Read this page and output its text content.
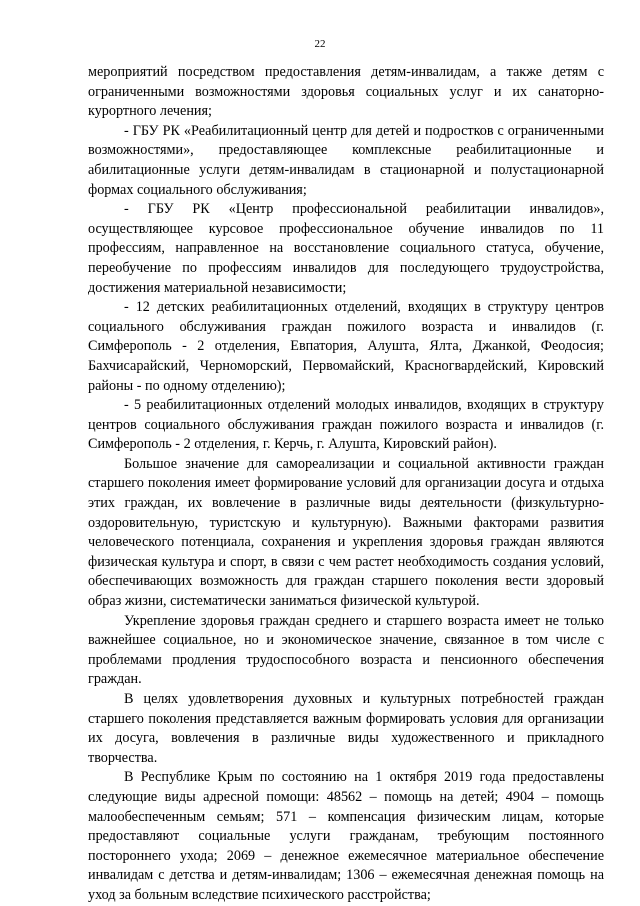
22

мероприятий посредством предоставления детям-инвалидам, а также детям с ограниченными возможностями здоровья социальных услуг и их санаторно-курортного лечения;

- ГБУ РК «Реабилитационный центр для детей и подростков с ограниченными возможностями», предоставляющее комплексные реабилитационные и абилитационные услуги детям-инвалидам в стационарной и полустационарной формах социального обслуживания;

- ГБУ РК «Центр профессиональной реабилитации инвалидов», осуществляющее курсовое профессиональное обучение инвалидов по 11 профессиям, направленное на восстановление социального статуса, обучение, переобучение по профессиям инвалидов для последующего трудоустройства, достижения материальной независимости;

- 12 детских реабилитационных отделений, входящих в структуру центров социального обслуживания граждан пожилого возраста и инвалидов (г. Симферополь - 2 отделения, Евпатория, Алушта, Ялта, Джанкой, Феодосия; Бахчисарайский, Черноморский, Первомайский, Красногвардейский, Кировский районы - по одному отделению);

- 5 реабилитационных отделений молодых инвалидов, входящих в структуру центров социального обслуживания граждан пожилого возраста и инвалидов (г. Симферополь - 2 отделения, г. Керчь, г. Алушта, Кировский район).

Большое значение для самореализации и социальной активности граждан старшего поколения имеет формирование условий для организации досуга и отдыха этих граждан, их вовлечение в различные виды деятельности (физкультурно-оздоровительную, туристскую и культурную). Важными факторами развития человеческого потенциала, сохранения и укрепления здоровья граждан являются физическая культура и спорт, в связи с чем растет необходимость создания условий, обеспечивающих возможность для граждан старшего поколения вести здоровый образ жизни, систематически заниматься физической культурой.

Укрепление здоровья граждан среднего и старшего возраста имеет не только важнейшее социальное, но и экономическое значение, связанное в том числе с проблемами продления трудоспособного возраста и пенсионного обеспечения граждан.

В целях удовлетворения духовных и культурных потребностей граждан старшего поколения представляется важным формировать условия для организации их досуга, вовлечения в различные виды художественного и прикладного творчества.

В Республике Крым по состоянию на 1 октября 2019 года предоставлены следующие виды адресной помощи: 48562 – помощь на детей; 4904 – помощь малообеспеченным семьям; 571 – компенсация физическим лицам, которые предоставляют социальные услуги гражданам, требующим постоянного постороннего ухода; 2069 – денежное ежемесячное материальное обеспечение инвалидам с детства и детям-инвалидам; 1306 – ежемесячная денежная помощь на уход за больным вследствие психического расстройства;
